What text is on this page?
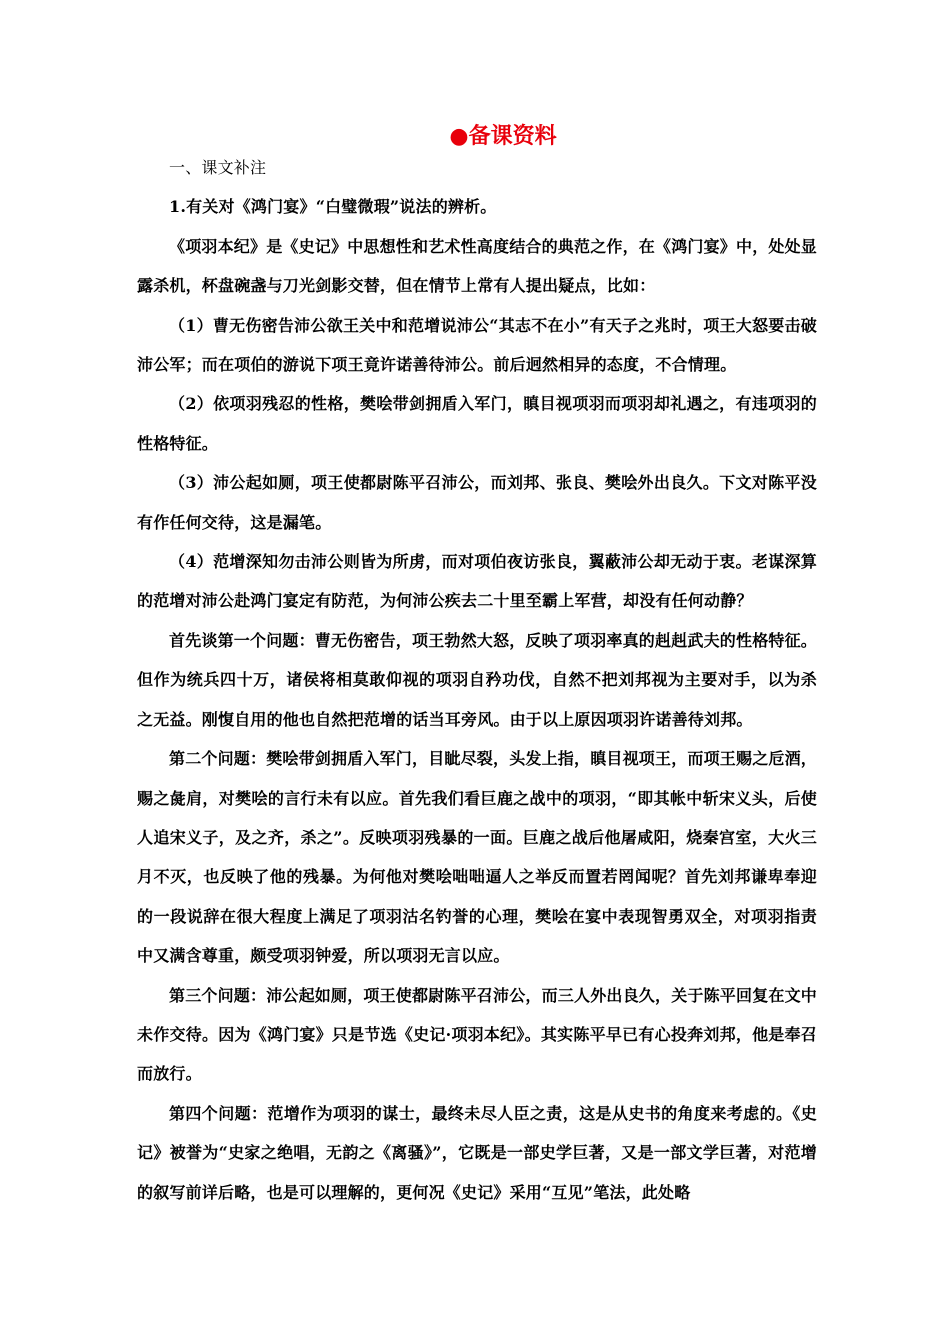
●备课资料

一、课文补注

1.有关对《鸿门宴》“白璧微瑕”说法的辨析。

《项羽本纪》是《史记》中思想性和艺术性高度结合的典范之作，在《鸿门宴》中，处处显露杀机，杯盘碗盏与刀光剑影交替，但在情节上常有人提出疑点，比如：

（1）曹无伤密告沛公欲王关中和范增说沛公“其志不在小”有天子之兆时，项王大怒要击破沛公军；而在项伯的游说下项王竟许诺善待沛公。前后迥然相异的态度，不合情理。

（2）依项羽残忍的性格，樊哙带剑拥盾入军门，瞋目视项羽而项羽却礼遇之，有违项羽的性格特征。

（3）沛公起如厕，项王使都尉陈平召沛公，而刘邦、张良、樊哙外出良久。下文对陈平没有作任何交待，这是漏笔。

（4）范增深知勿击沛公则皆为所虏，而对项伯夜访张良，翼蔽沛公却无动于衷。老谋深算的范增对沛公赴鸿门宴定有防范，为何沛公疾去二十里至霸上军营，却没有任何动静？

首先谈第一个问题：曹无伤密告，项王勃然大怒，反映了项羽率真的赳赳武夫的性格特征。但作为统兵四十万，诸侯将相莫敢仰视的项羽自矜功伐，自然不把刘邦视为主要对手，以为杀之无益。刚愎自用的他也自然把范增的话当耳旁风。由于以上原因项羽许诺善待刘邦。

第二个问题：樊哙带剑拥盾入军门，目眦尽裂，头发上指，瞋目视项王，而项王赐之卮酒，赐之彘肩，对樊哙的言行未有以应。首先我们看巨鹿之战中的项羽，“即其帐中斩宋义头，后使人追宋义子，及之齐，杀之”。反映项羽残暴的一面。巨鹿之战后他屠咸阳，烧秦宫室，大火三月不灭，也反映了他的残暴。为何他对樊哙咄咄逼人之举反而置若罔闻呢？首先刘邦谦卑奉迎的一段说辞在很大程度上满足了项羽沽名钓誉的心理，樊哙在宴中表现智勇双全，对项羽指责中又满含尊重，颇受项羽钟爱，所以项羽无言以应。

第三个问题：沛公起如厕，项王使都尉陈平召沛公，而三人外出良久，关于陈平回复在文中未作交待。因为《鸿门宴》只是节选《史记·项羽本纪》。其实陈平早已有心投奔刘邦，他是奉召而放行。

第四个问题：范增作为项羽的谋士，最终未尽人臣之责，这是从史书的角度来考虑的。《史记》被誉为“史家之绝唱，无韵之《离骚》”，它既是一部史学巨著，又是一部文学巨著，对范增的叙写前详后略，也是可以理解的，更何况《史记》采用“互见”笔法，此处略
